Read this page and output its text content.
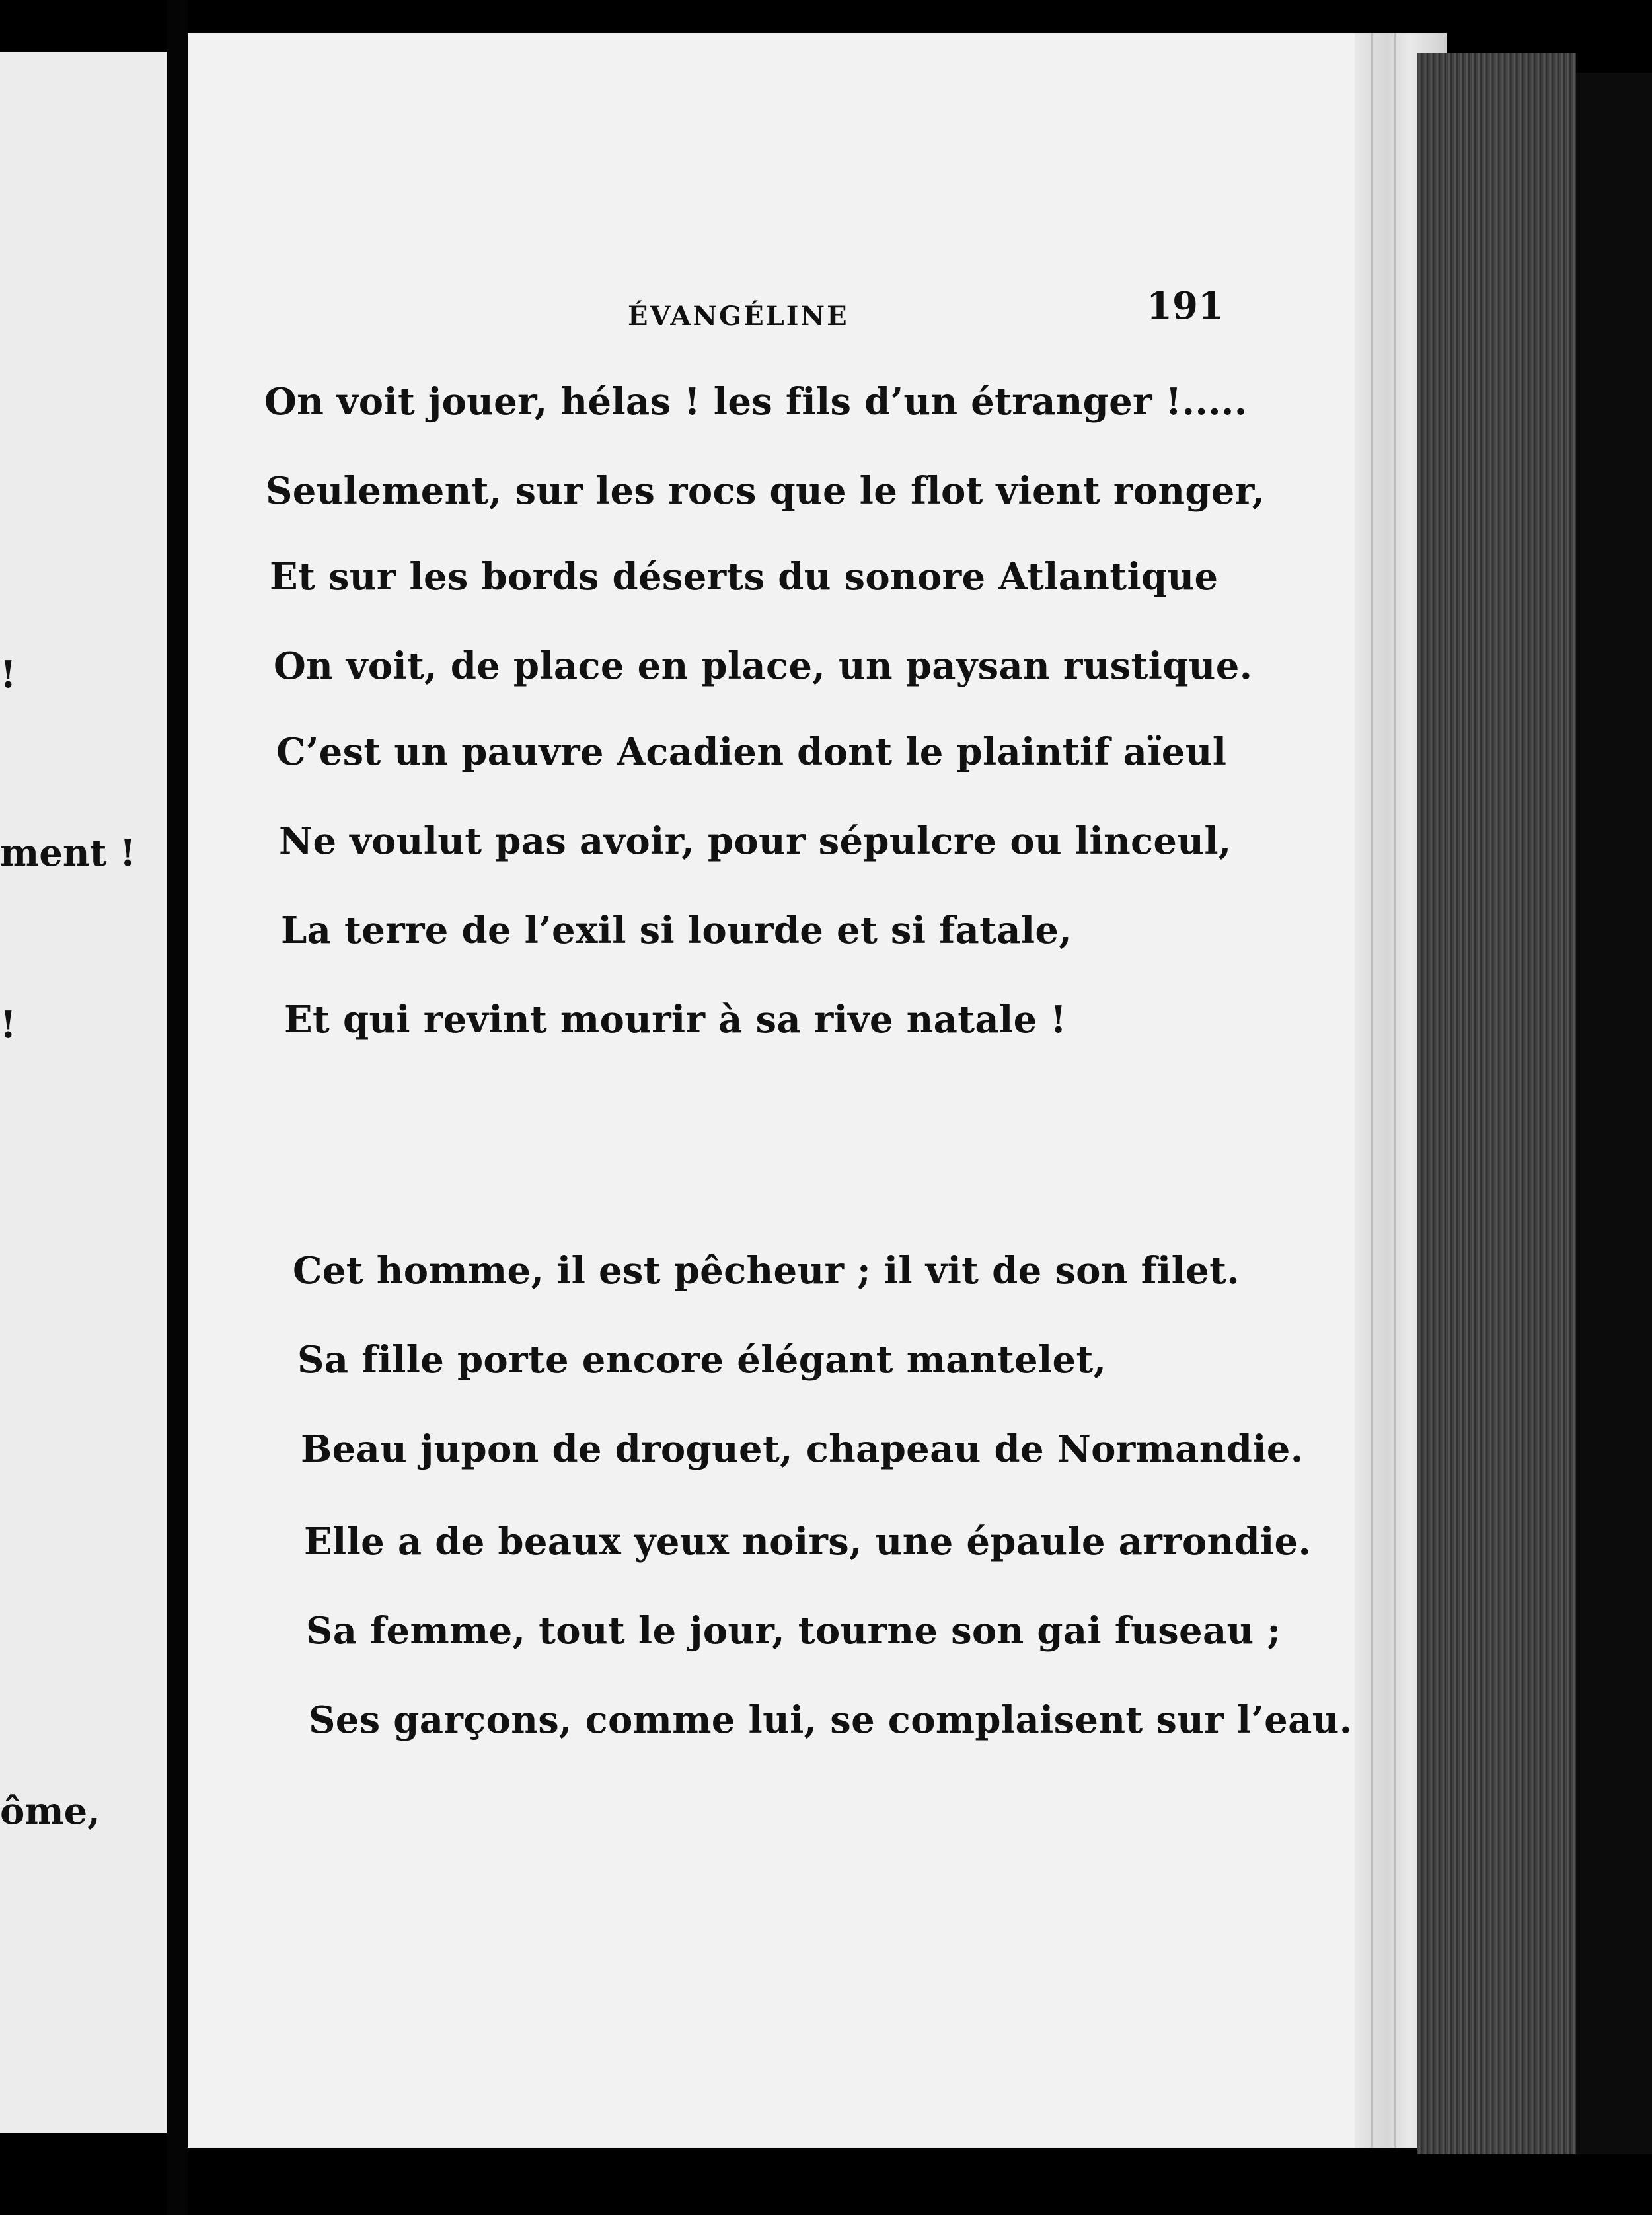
!
ment !
!
ôme,
ÉVANGÉLINE	191
On voit jouer, hélas ! les fils d’un étranger !.....
Seulement, sur les rocs que le flot vient ronger,
Et sur les bords déserts du sonore Atlantique
On voit, de place en place, un paysan rustique.
C’est un pauvre Acadien dont le plaintif aïeul
Ne voulut pas avoir, pour sépulcre ou linceul,
La terre de l’exil si lourde et si fatale,
Et qui revint mourir à sa rive natale !
Cet homme, il est pêcheur ; il vit de son filet.
Sa fille porte encore élégant mantelet,
Beau jupon de droguet, chapeau de Normandie.
Elle a de beaux yeux noirs, une épaule arrondie.
Sa femme, tout le jour, tourne son gai fuseau ;
Ses garçons, comme lui, se complaisent sur l’eau.
